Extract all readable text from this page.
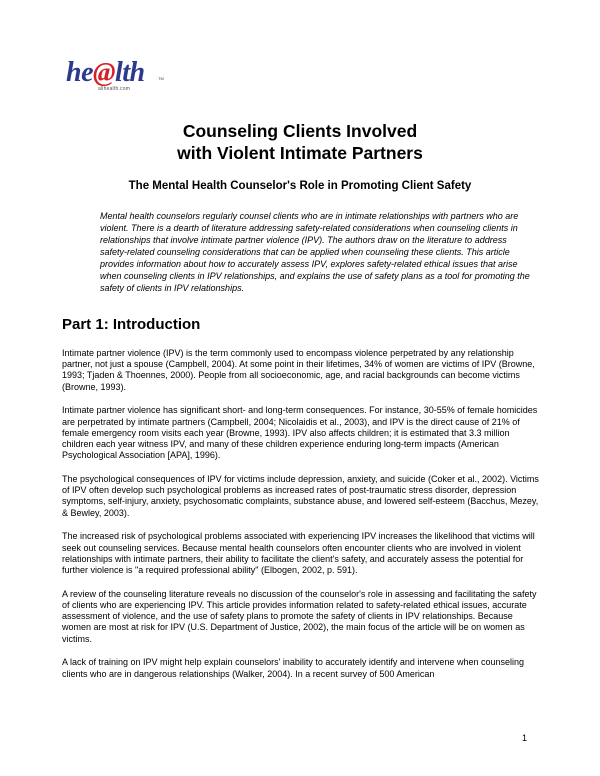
he@lth	TM
allhealth.com
Counseling Clients Involved
with Violent Intimate Partners
The Mental Health Counselor's Role in Promoting Client Safety

Mental health counselors regularly counsel clients who are in intimate relationships with partners who are violent. There is a dearth of literature addressing safety-related considerations when counseling clients in relationships that involve intimate partner violence (IPV). The authors draw on the literature to address safety-related counseling considerations that can be applied when counseling these clients. This article provides information about how to accurately assess IPV, explores safety-related ethical issues that arise when counseling clients in IPV relationships, and explains the use of safety plans as a tool for promoting the safety of clients in IPV relationships.

Part 1: Introduction

Intimate partner violence (IPV) is the term commonly used to encompass violence perpetrated by any relationship partner, not just a spouse (Campbell, 2004). At some point in their lifetimes, 34% of women are victims of IPV (Browne, 1993; Tjaden & Thoennes, 2000). People from all socioeconomic, age, and racial backgrounds can become victims (Browne, 1993).

Intimate partner violence has significant short- and long-term consequences. For instance, 30-55% of female homicides are perpetrated by intimate partners (Campbell, 2004; Nicolaidis et al., 2003), and IPV is the direct cause of 21% of female emergency room visits each year (Browne, 1993). IPV also affects children; it is estimated that 3.3 million children each year witness IPV, and many of these children experience enduring long-term impacts (American Psychological Association [APA], 1996).

The psychological consequences of IPV for victims include depression, anxiety, and suicide (Coker et al., 2002). Victims of IPV often develop such psychological problems as increased rates of post-traumatic stress disorder, depression symptoms, self-injury, anxiety, psychosomatic complaints, substance abuse, and lowered self-esteem (Bacchus, Mezey, & Bewley, 2003).

The increased risk of psychological problems associated with experiencing IPV increases the likelihood that victims will seek out counseling services. Because mental health counselors often encounter clients who are involved in violent relationships with intimate partners, their ability to facilitate the client's safety, and accurately assess the potential for further violence is "a required professional ability" (Elbogen, 2002, p. 591).

A review of the counseling literature reveals no discussion of the counselor's role in assessing and facilitating the safety of clients who are experiencing IPV. This article provides information related to safety-related ethical issues, accurate assessment of violence, and the use of safety plans to promote the safety of clients in IPV relationships. Because women are most at risk for IPV (U.S. Department of Justice, 2002), the main focus of the article will be on women as victims.

A lack of training on IPV might help explain counselors' inability to accurately identify and intervene when counseling clients who are in dangerous relationships (Walker, 2004). In a recent survey of 500 American

1
